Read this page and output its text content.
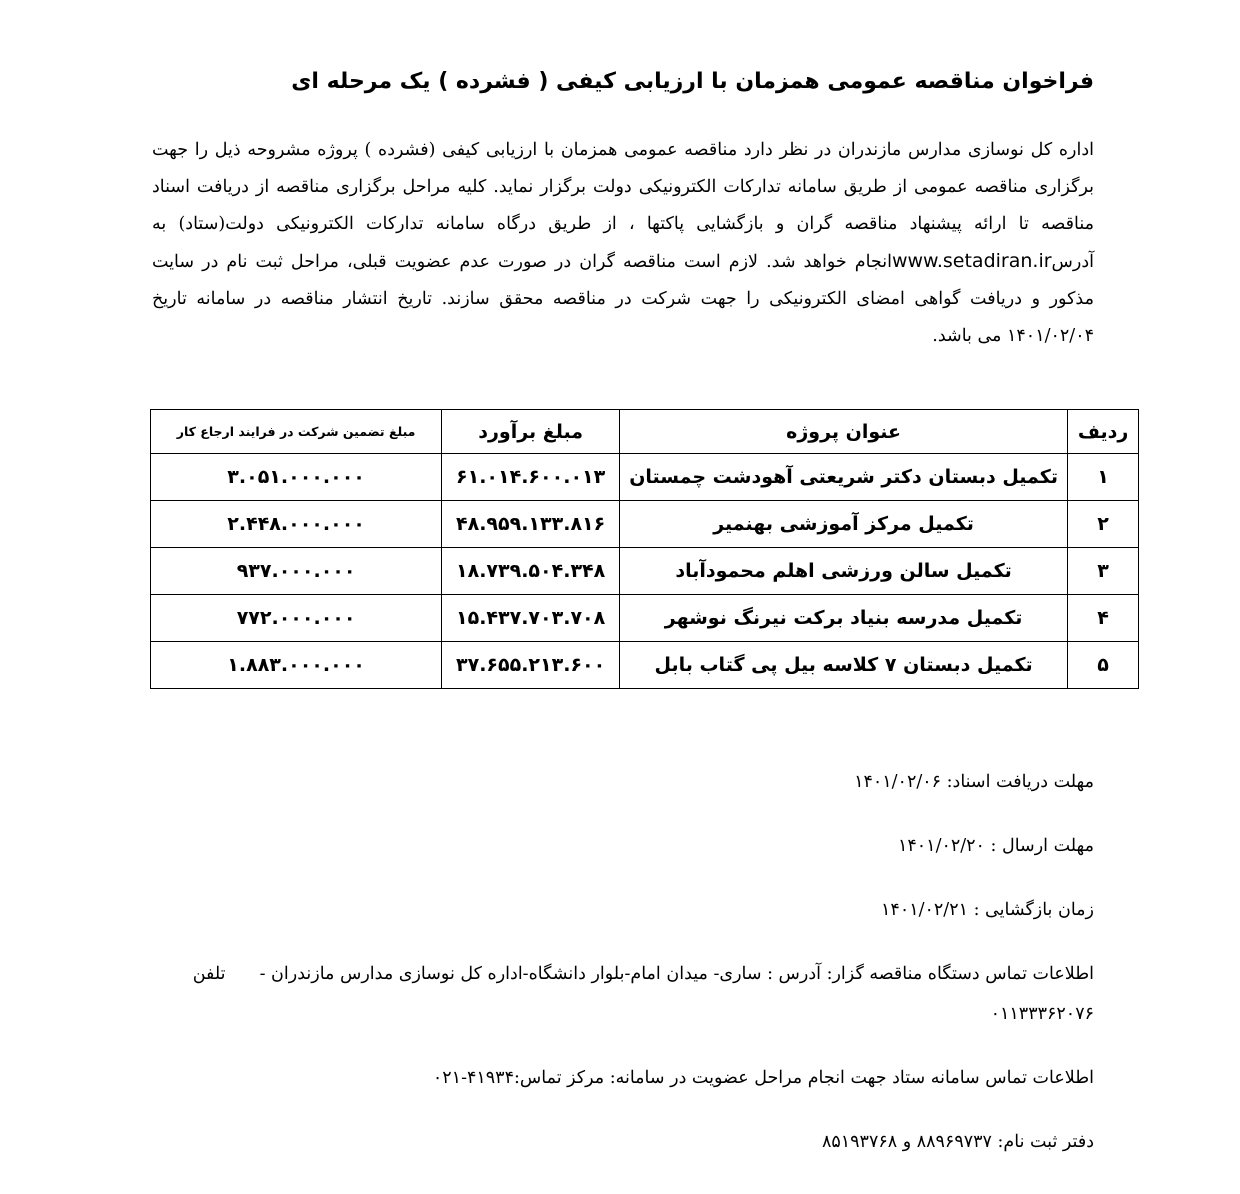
فراخوان مناقصه عمومی همزمان با ارزیابی کیفی ( فشرده ) یک مرحله ای

اداره کل نوسازی مدارس مازندران در نظر دارد مناقصه عمومی همزمان با ارزیابی کیفی (فشرده ) پروژه مشروحه ذیل را جهت برگزاری مناقصه عمومی از طریق سامانه تدارکات الکترونیکی دولت برگزار نماید. کلیه مراحل برگزاری مناقصه از دریافت اسناد مناقصه تا ارائه پیشنهاد مناقصه گران و بازگشایی پاکتها ، از طریق درگاه سامانه تدارکات الکترونیکی دولت(ستاد) به آدرسwww.setadiran.irانجام خواهد شد. لازم است مناقصه گران در صورت عدم عضویت قبلی، مراحل ثبت نام در سایت مذکور و دریافت گواهی امضای الکترونیکی را جهت شرکت در مناقصه محقق سازند. تاریخ انتشار مناقصه در سامانه تاریخ ۱۴۰۱/۰۲/۰۴ می باشد.

ردیف	عنوان پروژه	مبلغ برآورد	مبلغ تضمین شرکت در فرایند ارجاع کار
۱	تکمیل دبستان دکتر شریعتی آهودشت چمستان	۶۱.۰۱۴.۶۰۰.۰۱۳	۳.۰۵۱.۰۰۰.۰۰۰
۲	تکمیل مرکز آموزشی بهنمیر	۴۸.۹۵۹.۱۳۳.۸۱۶	۲.۴۴۸.۰۰۰.۰۰۰
۳	تکمیل سالن ورزشی اهلم محمودآباد	۱۸.۷۳۹.۵۰۴.۳۴۸	۹۳۷.۰۰۰.۰۰۰
۴	تکمیل مدرسه بنیاد برکت نیرنگ نوشهر	۱۵.۴۳۷.۷۰۳.۷۰۸	۷۷۲.۰۰۰.۰۰۰
۵	تکمیل دبستان ۷ کلاسه بیل پی گتاب بابل	۳۷.۶۵۵.۲۱۳.۶۰۰	۱.۸۸۳.۰۰۰.۰۰۰

مهلت دریافت اسناد: ۱۴۰۱/۰۲/۰۶

مهلت ارسال : ۱۴۰۱/۰۲/۲۰

زمان بازگشایی : ۱۴۰۱/۰۲/۲۱

اطلاعات تماس دستگاه مناقصه گزار: آدرس : ساری- میدان امام-بلوار دانشگاه-اداره کل نوسازی مدارس مازندران -تلفن
۰۱۱۳۳۳۶۲۰۷۶

اطلاعات تماس سامانه ستاد جهت انجام مراحل عضویت در سامانه: مرکز تماس:۴۱۹۳۴-۰۲۱

دفتر ثبت نام: ۸۸۹۶۹۷۳۷ و ۸۵۱۹۳۷۶۸
